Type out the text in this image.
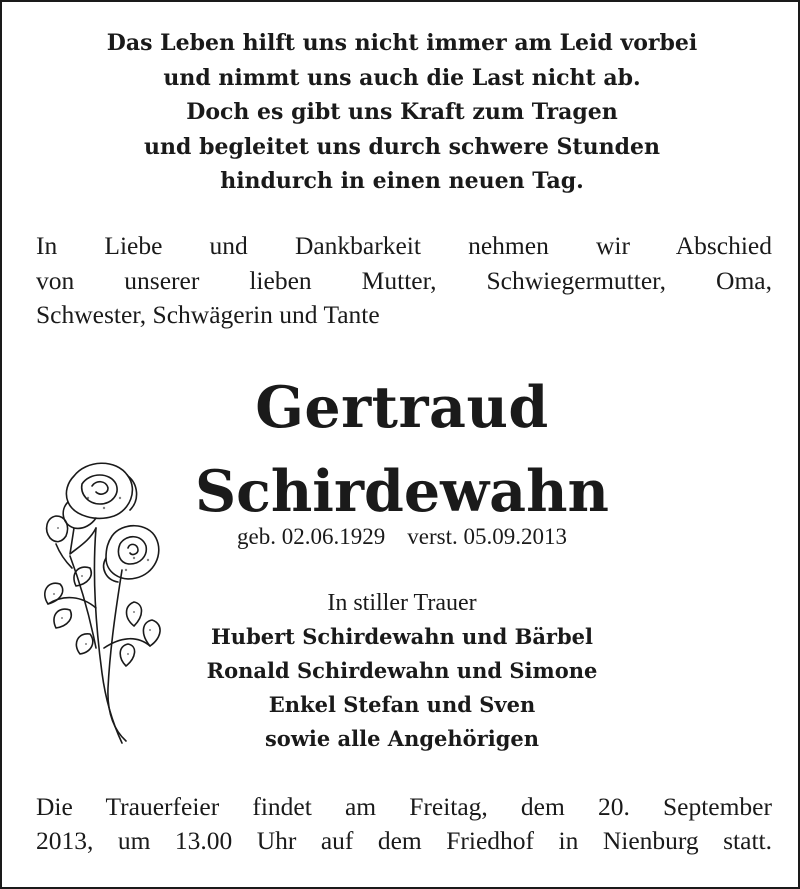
Das Leben hilft uns nicht immer am Leid vorbei
und nimmt uns auch die Last nicht ab.
Doch es gibt uns Kraft zum Tragen
und begleitet uns durch schwere Stunden
hindurch in einen neuen Tag.
In Liebe und Dankbarkeit nehmen wir Abschied
von unserer lieben Mutter, Schwiegermutter, Oma,
Schwester, Schwägerin und Tante
Gertraud
Schirdewahn
geb. 02.06.1929 verst. 05.09.2013
In stiller Trauer
Hubert Schirdewahn und Bärbel
Ronald Schirdewahn und Simone
Enkel Stefan und Sven
sowie alle Angehörigen
Die Trauerfeier findet am Freitag, dem 20. September
2013, um 13.00 Uhr auf dem Friedhof in Nienburg statt.
